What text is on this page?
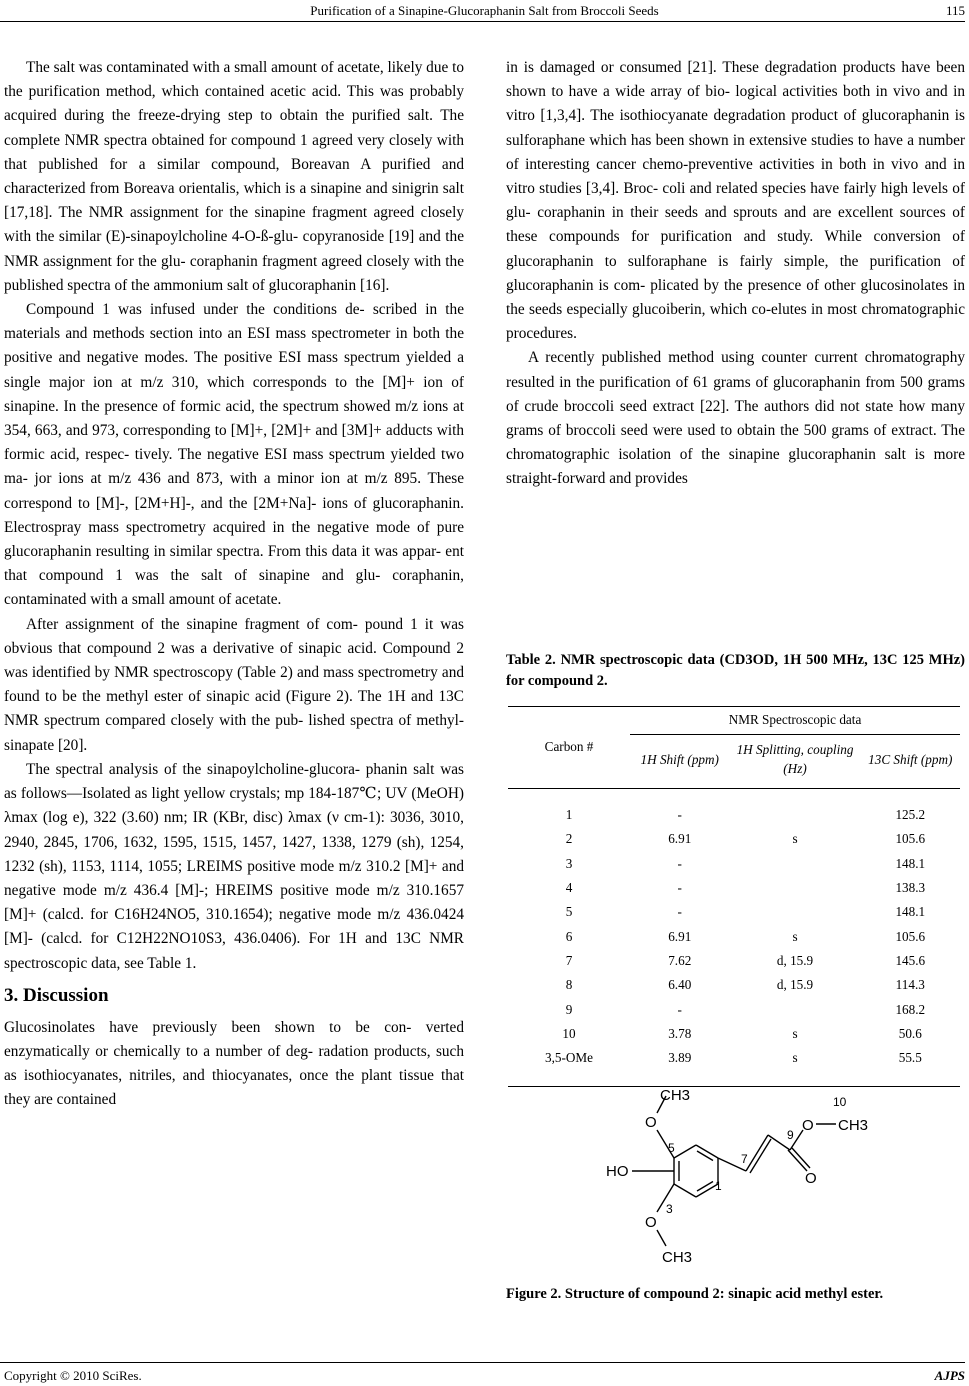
Purification of a Sinapine-Glucoraphanin Salt from Broccoli Seeds	115

The salt was contaminated with a small amount of acetate, likely due to the purification method, which contained acetic acid. This was probably acquired during the freeze-drying step to obtain the purified salt. The complete NMR spectra obtained for compound 1 agreed very closely with that published for a similar compound, Boreavan A purified and characterized from Boreava orientalis, which is a sinapine and sinigrin salt [17,18]. The NMR assignment for the sinapine fragment agreed closely with the similar (E)-sinapoylcholine 4-O-ß-glu- copyranoside [19] and the NMR assignment for the glu- coraphanin fragment agreed closely with the published spectra of the ammonium salt of glucoraphanin [16].

Compound 1 was infused under the conditions de- scribed in the materials and methods section into an ESI mass spectrometer in both the positive and negative modes. The positive ESI mass spectrum yielded a single major ion at m/z 310, which corresponds to the [M]+ ion of sinapine. In the presence of formic acid, the spectrum showed m/z ions at 354, 663, and 973, corresponding to [M]+, [2M]+ and [3M]+ adducts with formic acid, respec- tively. The negative ESI mass spectrum yielded two ma- jor ions at m/z 436 and 873, with a minor ion at m/z 895. These correspond to [M]-, [2M+H]-, and the [2M+Na]- ions of glucoraphanin. Electrospray mass spectrometry acquired in the negative mode of pure glucoraphanin resulting in similar spectra. From this data it was appar- ent that compound 1 was the salt of sinapine and glu- coraphanin, contaminated with a small amount of acetate.

After assignment of the sinapine fragment of com- pound 1 it was obvious that compound 2 was a derivative of sinapic acid. Compound 2 was identified by NMR spectroscopy (Table 2) and mass spectrometry and found to be the methyl ester of sinapic acid (Figure 2). The 1H and 13C NMR spectrum compared closely with the pub- lished spectra of methyl-sinapate [20].

The spectral analysis of the sinapoylcholine-glucora- phanin salt was as follows—Isolated as light yellow crystals; mp 184-187℃; UV (MeOH) λmax (log e), 322 (3.60) nm; IR (KBr, disc) λmax (ν cm-1): 3036, 3010, 2940, 2845, 1706, 1632, 1595, 1515, 1457, 1427, 1338, 1279 (sh), 1254, 1232 (sh), 1153, 1114, 1055; LREIMS positive mode m/z 310.2 [M]+ and negative mode m/z 436.4 [M]-; HREIMS positive mode m/z 310.1657 [M]+ (calcd. for C16H24NO5, 310.1654); negative mode m/z 436.0424 [M]- (calcd. for C12H22NO10S3, 436.0406). For 1H and 13C NMR spectroscopic data, see Table 1.

3. Discussion

Glucosinolates have previously been shown to be con- verted enzymatically or chemically to a number of deg- radation products, such as isothiocyanates, nitriles, and thiocyanates, once the plant tissue that they are contained

in is damaged or consumed [21]. These degradation products have been shown to have a wide array of bio- logical activities both in vivo and in vitro [1,3,4]. The isothiocyanate degradation product of glucoraphanin is sulforaphane which has been shown in extensive studies to have a number of interesting cancer chemo-preventive activities in both in vivo and in vitro studies [3,4]. Broc- coli and related species have fairly high levels of glu- coraphanin in their seeds and sprouts and are excellent sources of these compounds for purification and study. While conversion of glucoraphanin to sulforaphane is fairly simple, the purification of glucoraphanin is com- plicated by the presence of other glucosinolates in the seeds especially glucoiberin, which co-elutes in most chromatographic procedures.

A recently published method using counter current chromatography resulted in the purification of 61 grams of glucoraphanin from 500 grams of crude broccoli seed extract [22]. The authors did not state how many grams of broccoli seed were used to obtain the 500 grams of extract. The chromatographic isolation of the sinapine glucoraphanin salt is more straight-forward and provides

Table 2. NMR spectroscopic data (CD3OD, 1H 500 MHz, 13C 125 MHz) for compound 2.
Carbon #	NMR Spectroscopic data		
	1H Shift (ppm)	1H Splitting, coupling (Hz)	13C Shift (ppm)

1	-		125.2
2	6.91	s	105.6
3	-		148.1
4	-		138.3
5	-		148.1
6	6.91	s	105.6
7	7.62	d, 15.9	145.6
8	6.40	d, 15.9	114.3
9	-		168.2
10	3.78	s	50.6
3,5-OMe	3.89	s	55.5

CH3
O
5
HO
3
O
CH3
1
7
9
10
O CH3
O
Figure 2. Structure of compound 2: sinapic acid methyl ester.
Copyright © 2010 SciRes.	AJPS
